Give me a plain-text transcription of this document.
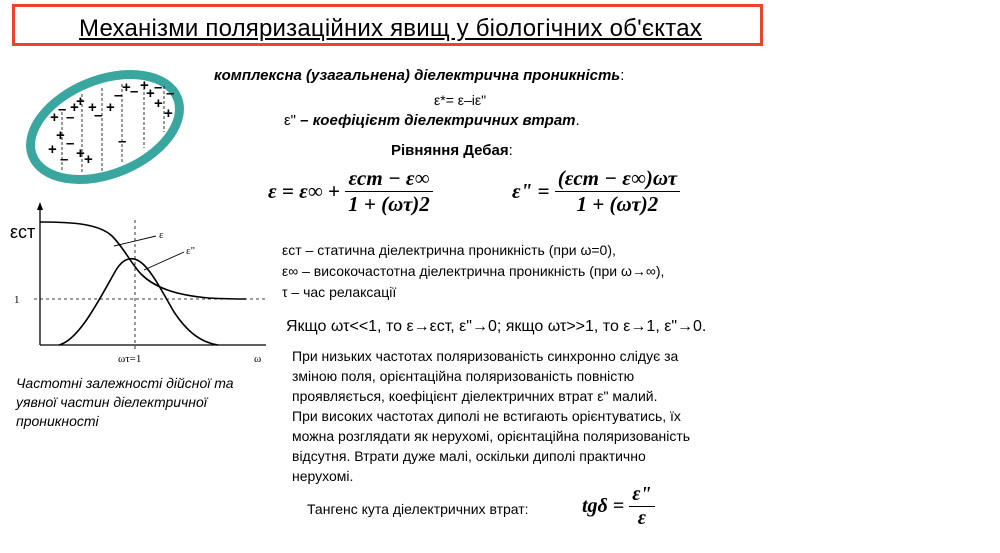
Механізми поляризаційних явищ у біологічних об'єктах
+ – +
–
+ +
– +
– + – +
+ –
+
–
+
+ –
+
– + +
–
комплексна (узагальнена) діелектрична проникність:
ε*= ε–iε"
ε" – коефіцієнт діелектричних втрат.
Рівняння Дебая:
$\varepsilon = \varepsilon\infty + \frac{\text{εcm − ε∞}}{1 + (\omega\tau)2}$	ε" = $\frac{\text{(εcm − ε∞)ωτ}}{1 + (\omega\tau)2}$
εст – статична діелектрична проникність (при ω=0),
ε∞ – високочастотна діелектрична проникність (при ω→∞),
τ – час релаксації
Якщо ωτ<<1, то ε→εст, ε"→0; якщо ωτ>>1, то ε→1, ε"→0.
При низьких частотах поляризованість синхронно слідує за
зміною поля, орієнтаційна поляризованість повністю
проявляється, коефіцієнт діелектричних втрат ε" малий.
При високих частотах диполі не встигають орієнтуватись, їх
можна розглядати як нерухомі, орієнтаційна поляризованість
відсутня. Втрати дуже малі, оскільки диполі практично
нерухомі.
Тангенс кута діелектричних втрат:	$tg\delta = \frac{\varepsilon"}{\varepsilon}$
εст
1
ωτ=1	ω
ε
ε"
Частотні залежності дійсної та
уявної частин діелектричної
проникності
